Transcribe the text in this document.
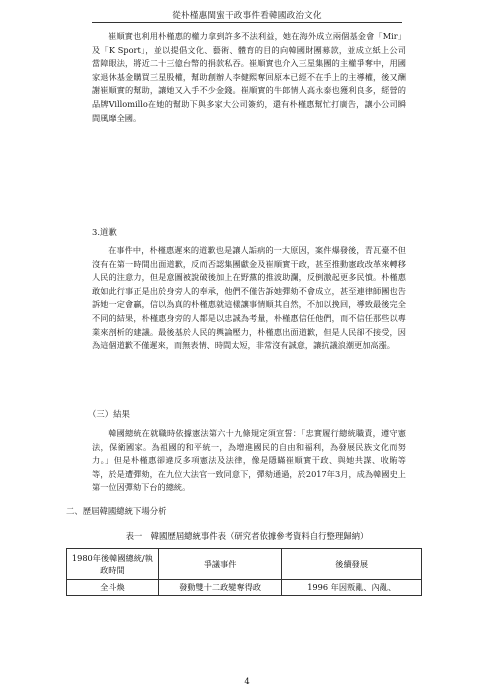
從朴槿惠閨蜜干政事件看韓國政治文化

崔順實也利用朴槿惠的權力拿到許多不法利益，她在海外成立兩個基金會「Mir」及「K Sport」，並以提倡文化、藝術、體育的目的向韓國財團募款，並成立紙上公司當障眼法，將近二十三億台幣的捐款私吞。崔順實也介入三星集團的主權爭奪中，用國家退休基金購買三星股權，幫助創辦人李健熙奪回原本已經不在手上的主導權，後又酬謝崔順實的幫助，讓她又入手不少金錢。崔順實的牛郎情人高永泰也獲利良多，經營的品牌Villomillo在她的幫助下與多家大公司簽約，還有朴槿惠幫忙打廣告，讓小公司瞬間風靡全國。

3.道歉

在事件中，朴槿惠遲來的道歉也是讓人詬病的一大原因，案件爆發後，青瓦臺不但沒有在第一時間出面道歉，反而否認集團獻金及崔順實干政，甚至推動憲政改革來轉移人民的注意力，但是意圖被說破後加上在野黨的推波助瀾，反倒激起更多民憤。朴槿惠敢如此行事正是出於身旁人的奉承，他們不僅告訴她彈劾不會成立，甚至連律師團也告訴她一定會贏，信以為真的朴槿惠就這樣讓事情順其自然，不加以挽回，導致最後完全不同的結果，朴槿惠身旁的人都是以忠誠為考量，朴槿惠信任他們，而不信任那些以專業來剖析的建議。最後基於人民的輿論壓力，朴槿惠出面道歉，但是人民卻不接受，因為這個道歉不僅遲來，而無表情、時間太短，非常沒有誠意，讓抗議浪潮更加高漲。

（三）結果

韓國總統在就職時依據憲法第六十九條規定須宣誓：「忠實履行總統職責，遵守憲法，保衛國家。為祖國的和平統一，為增進國民的自由和福利，為發展民族文化而努力。」但是朴槿惠卻違反多項憲法及法律，像是隱瞞崔順實干政、與她共謀、收賄等等，於是遭彈劾，在九位大法官一致同意下，彈劾通過，於2017年3月，成為韓國史上第一位因彈劾下台的總統。

二、歷屆韓國總統下場分析
表一　韓國歷屆總統事件表（研究者依據參考資料自行整理歸納）
1980年後韓國總統/執政時間	爭議事件	後續發展
全斗煥	發動雙十二政變奪得政	1996 年因叛亂、內亂、
4
